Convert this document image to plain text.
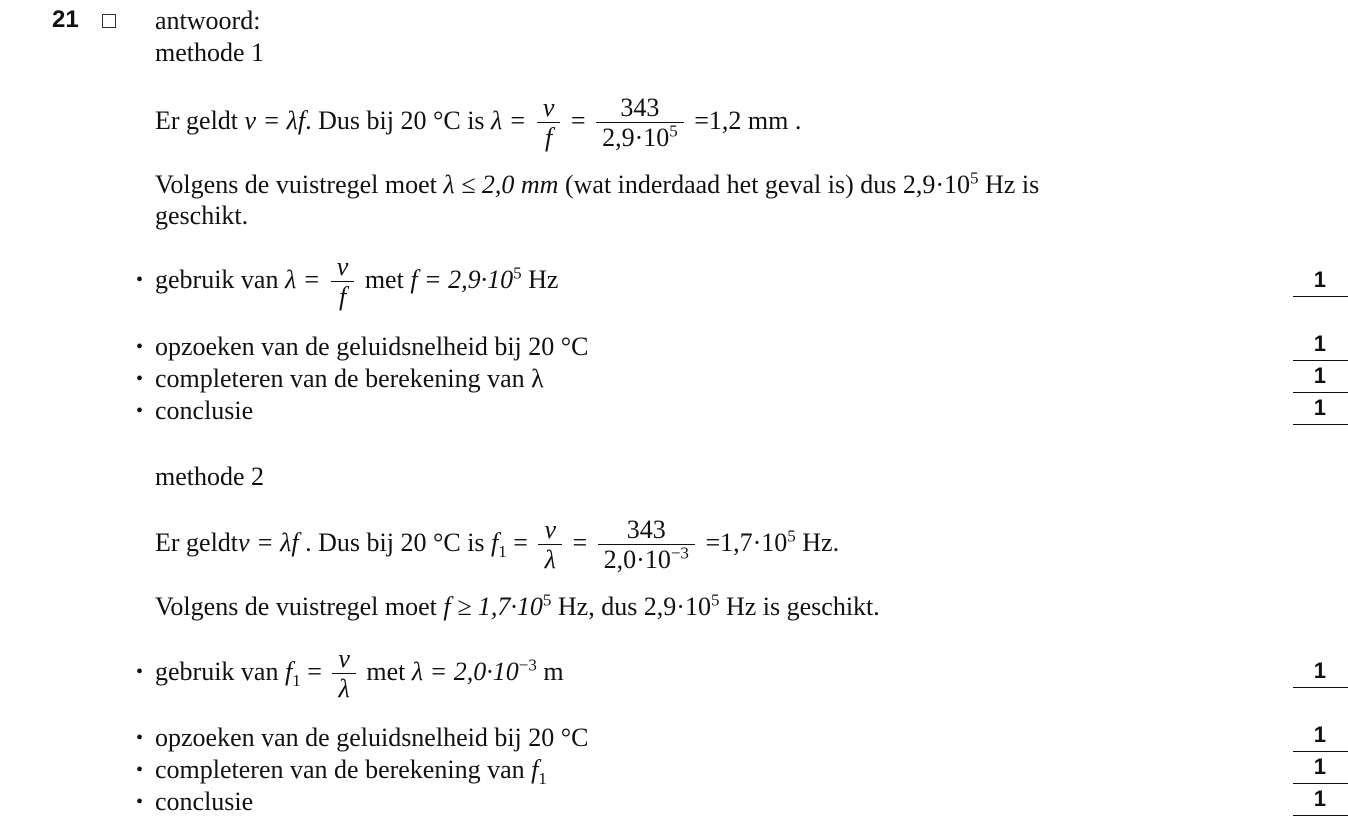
21	antwoord:
methode 1
Er geldt v = λf. Dus bij 20 °C is $\lambda = \frac{v}{f} = \frac{343}{2,9\cdot 10^5} =1,2$ mm .
Volgens de vuistregel moet λ ≤ 2,0 mm (wat inderdaad het geval is) dus $2,9\cdot 10^5$ Hz is
geschikt.
• gebruik van $\lambda = \frac{v}{f}$ met $f = 2,9\cdot 10^5$ Hz	1
• opzoeken van de geluidsnelheid bij 20 °C	1
• completeren van de berekening van λ	1
• conclusie	1
methode 2
Er geldtv = λf . Dus bij 20 °C is $f_1 = \frac{v}{\lambda} = \frac{343}{2,0\cdot 10^{-3}} =1,7\cdot 10^5$ Hz.
Volgens de vuistregel moet $f \ge 1,7\cdot 10^5$ Hz, dus $2,9\cdot 10^5$ Hz is geschikt.
• gebruik van $f_1 = \frac{v}{\lambda}$ met $\lambda = 2,0\cdot 10^{-3}$ m	1
• opzoeken van de geluidsnelheid bij 20 °C	1
• completeren van de berekening van $f_1$	1
• conclusie	1
